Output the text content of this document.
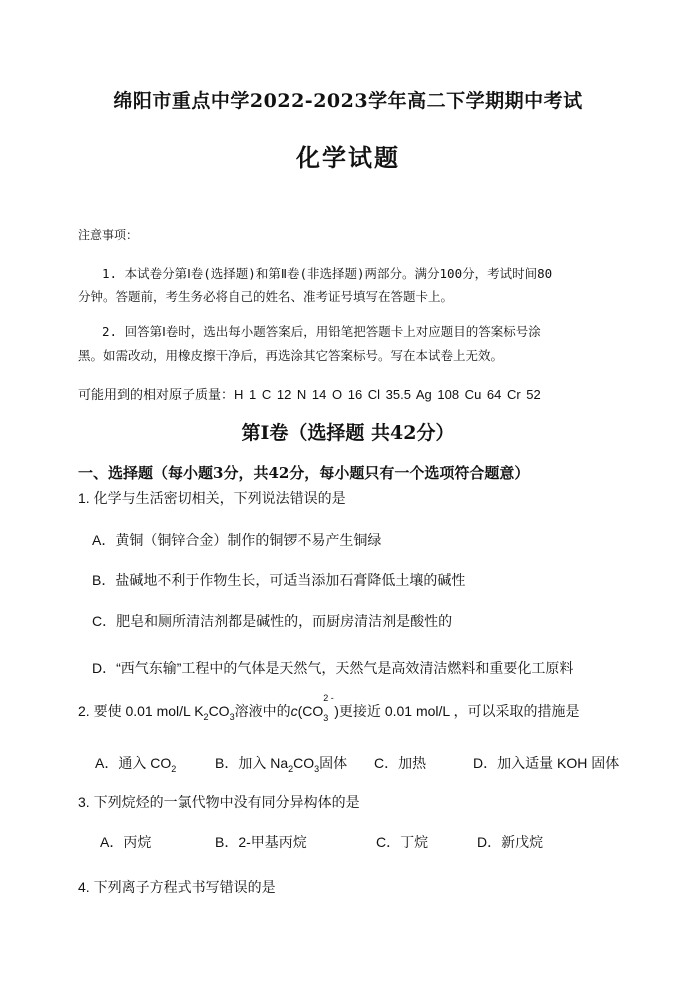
绵阳市重点中学2022-2023学年高二下学期期中考试
化学试题
注意事项：
1. 本试卷分第Ⅰ卷(选择题)和第Ⅱ卷(非选择题)两部分。满分100分，考试时间80
分钟。答题前，考生务必将自己的姓名、准考证号填写在答题卡上。
2. 回答第Ⅰ卷时，选出每小题答案后，用铅笔把答题卡上对应题目的答案标号涂
黑。如需改动，用橡皮擦干净后，再选涂其它答案标号。写在本试卷上无效。
可能用到的相对原子质量：H 1 C 12 N 14 O 16 Cl 35.5 Ag 108 Cu 64 Cr 52
第Ⅰ卷（选择题 共42分）
一、选择题（每小题3分，共42分，每小题只有一个选项符合题意）
1. 化学与生活密切相关，下列说法错误的是
A．黄铜（铜锌合金）制作的铜锣不易产生铜绿
B．盐碱地不利于作物生长，可适当添加石膏降低土壤的碱性
C．肥皂和厕所清洁剂都是碱性的，而厨房清洁剂是酸性的
D．“西气东输”工程中的气体是天然气，天然气是高效清洁燃料和重要化工原料
2. 要使 0.01 mol/L $K_2CO_3$溶液中的c(CO
2 -
$_3$ )更接近 0.01 mol/L ，可以采取的措施是
A．通入 $CO_2$	B．加入 $Na_2CO_3$固体 C．加热	D．加入适量 KOH 固体
3. 下列烷烃的一氯代物中没有同分异构体的是
A．丙烷	B．2-甲基丙烷	C．丁烷	D．新戊烷
4. 下列离子方程式书写错误的是
